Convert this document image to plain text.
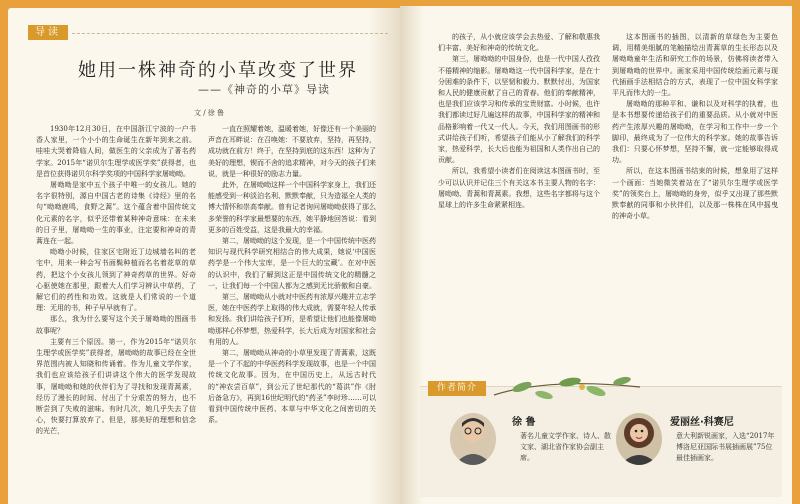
导读
她用一株神奇的小草改变了世界
——《神奇的小草》导读
文 / 徐 鲁

1930年12月30日，在中国浙江宁波的一户书香人家里，一个小小的生命诞生在新年到来之前。哇哇大哭着降临人间，做医生的父亲成为了著名药学家。2015年“诺贝尔生理学或医学奖”获得者，也是首位获得诺贝尔科学奖项的中国科学家屠呦呦。

屠呦呦是家中五个孩子中唯一的女孩儿。她的名字很特别，源自中国古老的诗集《诗经》里的名句“呦呦鹿鸣，食野之蒿”。这个蕴含着中国传统文化元素的名字，似乎还带着某种神奇意味：在未来的日子里，屠呦呦一生的事业，注定要和神奇的青蒿连在一起。

呦呦小时候，住家区宅附近丁边城墙名叫的老宅中，用来一种会写书面鬓种植而名名着花草的草药，把这个小女孩儿领到了神奇药草的世界。好奇心驱使她在那里，跟着大人们学习辨认中草药，了解它们的药性和功效。这就是人们常说的一个道理：无用的书，种子早早就有了。

那么，我为什么要写这个关于屠呦呦的图画书故事呢？

主要有三个原因。第一，作为2015年“诺贝尔生理学或医学奖”获得者，屠呦呦的故事已经在全世界范围内被人知晓和传诵着。作为儿童文学作家，我们也应该给孩子们讲讲这个伟大的医学发现故事，屠呦呦和她的伙伴们为了寻找和发现青蒿素，经历了漫长的时间、付出了十分艰苦的努力，也不断尝到了失败的滋味。有时几次，她几乎失去了信心，快要打算放弃了。但是，那美好的理想和信念的光芒，

一直在照耀着她，温暖着她，好像还有一个美丽的声音在耳畔说：在召唤她：不要放弃，坚持，再坚持，成功就在前方！终于，在坚持到底的这东西！这种为了美好的理想，锲而不舍的追求精神，对今天的孩子们来说，就是一种很好的励志力量。

此外，在屠呦呦这样一个中国科学家身上，我们还能感受到一种淡泊名利、默默奉献，只为造福全人类的博大情怀和崇高奉献。曾有记者询问屠呦呦获得了那么多荣誉的科学家最想要的东西，她平静地回答说：看到更多的百姓受益，这是我最大的幸福。

第二，屠呦呦的这个发现，是一个中国传统中医药知识与现代科学研究相结合的伟大成果，她说‘中国医药学是一个伟大宝库，是一个巨大的宝藏’。在对中医的认识中，我们了解到这正是中国传统文化的精髓之一，让我们每一个中国人都为之感到无比骄傲和自豪。

第三，屠呦呦从小就对中医药有浓厚兴趣并立志学医，她在中医药学上取得的伟大成就，需要年轻人传承和发扬。我们讲给孩子们听，是希望让他们也能像屠呦呦那样心怀梦想，热爱科学，长大后成为对国家和社会有用的人。

第二，屠呦呦从神奇的小草里发现了青蒿素，这既是一个了不起的中华医药科学发现故事，也是一个中国传统文化故事。因为，在中国历史上，从远古时代的“神农尝百草”，到公元了世纪那代的“葛洪”作《肘后备急方》，再到16世纪明代的“药圣”李时珍……可以看到中国传统中医药、本草与中华文化之间密切的关系。

的孩子，从小就应该学会去热爱、了解和敬惠我们丰富、美好和神奇的传统文化。

第三，屠呦呦的中国身份，也是一代中国人孜孜不倦精神的缩影。屠呦呦这一代中国科学家，是在十分困难的条件下，以坚韧和毅力、默默付出，为国家和人民的健康贡献了自己的青春。他们的奉献精神，也是我们应该学习和传承的宝贵财富。小时候，也许我们都读过好几遍这样的故事，中国科学家的精神和品格影响着一代又一代人。今天，我们用图画书的形式讲给孩子们听，希望孩子们能从小了解我们的科学家，热爱科学，长大后也能为祖国和人类作出自己的贡献。

所以，我希望小读者们在阅读这本图画书时，至少可以认识并记住三个有关这本书主要人物的名字：屠呦呦、青蒿和青蒿素。我想，这些名字都将与这个星球上的许多生命紧紧相连。

这本图画书的插图，以清新的草绿色为主要色调，用精美细腻的笔触描绘出青蒿草的生长形态以及屠呦呦童年生活和研究工作的场景，仿佛将读者带入到屠呦呦的世界中。画家采用中国传统绘画元素与现代插画手法相结合的方式，表现了一位中国女科学家平凡而伟大的一生。

屠呦呦的那种平和、谦和以及对科学的执着，也是本书想要传递给孩子们的重要品质。从小就对中医药产生浓厚兴趣的屠呦呦，在学习和工作中一步一个脚印，最终成为了一位伟大的科学家。她的故事告诉我们：只要心怀梦想，坚持不懈，就一定能够取得成功。

所以，在这本图画书结束的时候，想象用了这样一个画面：当她微笑着站在了“诺贝尔生理学或医学奖”的领奖台上，屠呦呦的身旁，似乎又出现了那些默默奉献的同事和小伙伴们，以及那一株株在风中摇曳的神奇小草。

作者简介
徐 鲁
著名儿童文学作家、诗人、散文家、湖北省作家协会副主席。
爱丽丝·科赛尼
意大利新锐画家，入选“2017年博洛尼亚国际书展插画展”75位最佳插画家。
